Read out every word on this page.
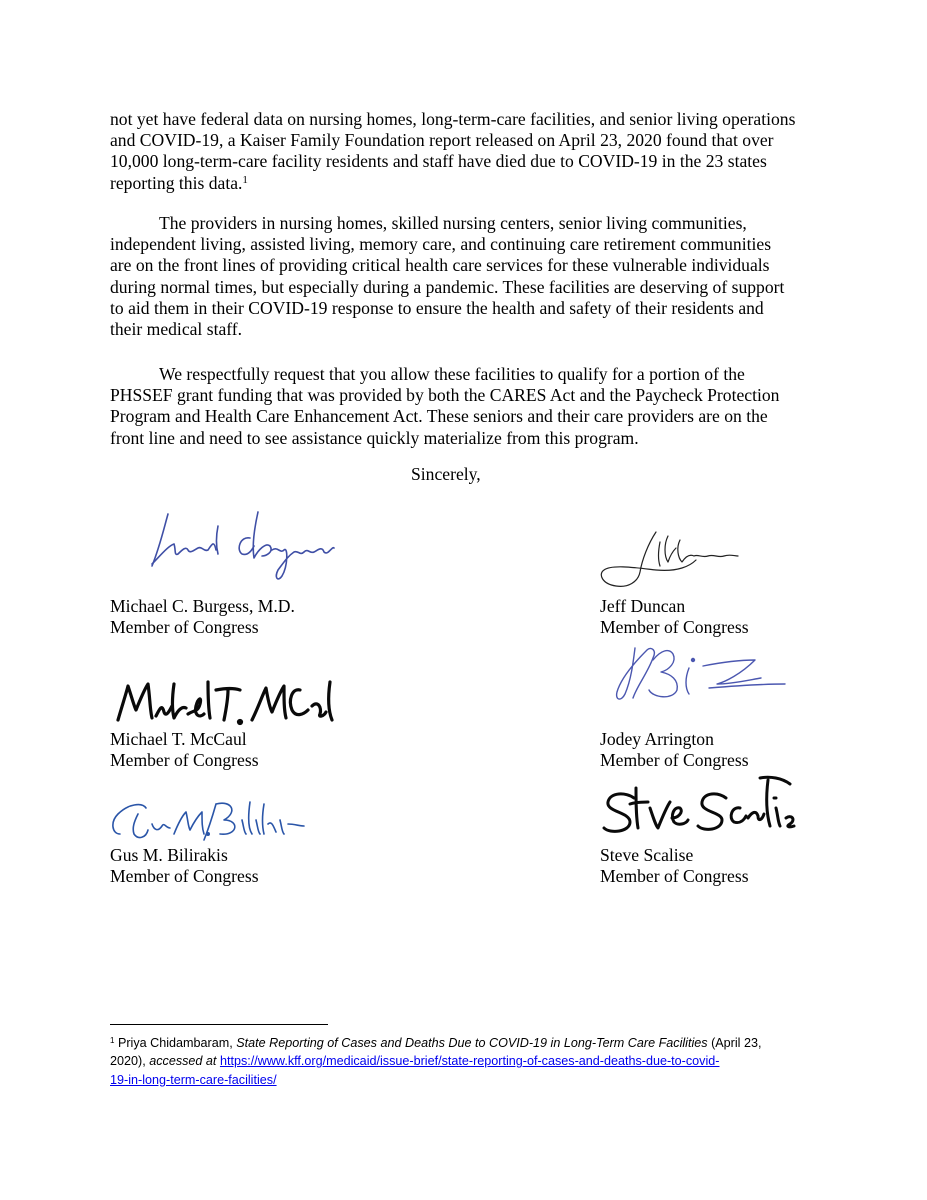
not yet have federal data on nursing homes, long-term-care facilities, and senior living operations
and COVID-19, a Kaiser Family Foundation report released on April 23, 2020 found that over
10,000 long-term-care facility residents and staff have died due to COVID-19 in the 23 states
reporting this data.$^1$

The providers in nursing homes, skilled nursing centers, senior living communities,
independent living, assisted living, memory care, and continuing care retirement communities
are on the front lines of providing critical health care services for these vulnerable individuals
during normal times, but especially during a pandemic. These facilities are deserving of support
to aid them in their COVID-19 response to ensure the health and safety of their residents and
their medical staff.

We respectfully request that you allow these facilities to qualify for a portion of the
PHSSEF grant funding that was provided by both the CARES Act and the Paycheck Protection
Program and Health Care Enhancement Act. These seniors and their care providers are on the
front line and need to see assistance quickly materialize from this program.

Sincerely,

Michael C. Burgess, M.D.
Member of Congress

Jeff Duncan
Member of Congress

Michael T. McCaul
Member of Congress

Jodey Arrington
Member of Congress

Gus M. Bilirakis
Member of Congress

Steve Scalise
Member of Congress

$^1$ Priya Chidambaram, State Reporting of Cases and Deaths Due to COVID-19 in Long-Term Care Facilities (April 23,
2020), accessed at https://www.kff.org/medicaid/issue-brief/state-reporting-of-cases-and-deaths-due-to-covid-
19-in-long-term-care-facilities/
